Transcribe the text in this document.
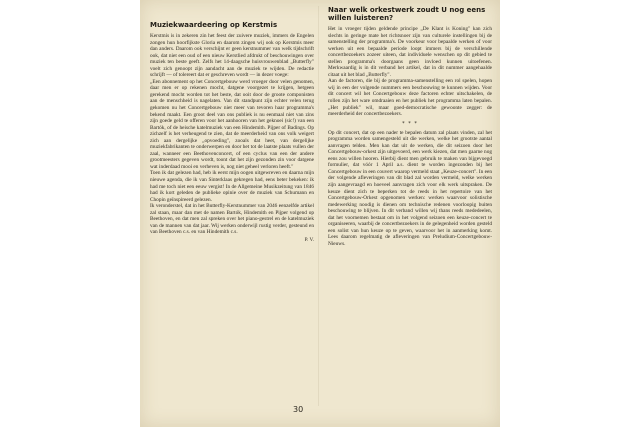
Muziekwaardeering op Kerstmis

Kerstmis is in zekeren zin het feest der zuivere muziek, immers de Engelen zongen hun hoorfijkste Gloria en daarom zingen wij ook op Kerstmis meer dan anders. Daarom ook verschijnt er geen kerstnummer van welk tijdschrift ook, dat niet een oud of een nieuw Kerstlied afdrukt of beschouwingen over muziek ten beste geeft. Zelfs het 14-daagsche huisvrouwenblad „Butterfly" voelt zich genoopt zijn aandacht aan de muziek te wijden. De redactie schrijft — of tolereert dat er geschreven wordt — in dezer voege:

„Een abonnement op het Concertgebouw werd vroeger door velen genomen, daar men er op rekenen mocht, datgene voorgezet te krijgen, hetgeen gerekend mocht worden tot het beste, dat ooit door de groote componisten aan de menschheid is nagelaten. Van dit standpunt zijn echter velen terug gekomen nu het Concertgebouw niet meer van tevoren haar programma's bekend maakt. Een groot deel van ons publiek is nu eenmaal niet van zins zijn goede geld te offeren voor het aanhooren van het geknoei (sic!) van een Bartók, of de heische katelmuziek van een Hindemith. Pijper of Badings. Op zichzelf is het verheugend te zien, dat de meerderheid van ons volk weigert zich aan dergelijke „opvoeding", zooals dat heet, van dergelijke muziekfabrikanten te onderwerpen en door het tot de laatste plaats vullen der zaal, wanneer een Beethovenconcert, of een cyclus van een der andere grootmeesters gegeven wordt, toont dat het zijn gezonden zin voor datgene wat inderdaad mooi en verheven is, nog niet geheel verloren heeft."

Toen ik dat gelezen had, heb ik eerst mijn oogen uitgewreven en daarna mijn nieuwe agenda, die ik van Sinterklaas gekregen had, eens beter bekeken: ik had me toch niet een eeuw vergist! In de Allgemeine Musikzeitung van 1846 had ik kort geleden de publieke opinie over de muziek van Schumann en Chopin geïnspireerd gelezen.

Ik veronderstel, dat in het Butterfly-Kerstnummer van 2046 eenzelfde artikel zal staan, maar dan met de namen Bartók, Hindemith en Pijper volgend op Beethoven, en dat men zal spreken over het piano-gestrel en de katelmuziek van de mannen van dat jaar. Wij werken onderwijl rustig verder, gesteund en van Beethoven c.s. en van Hindemith c.s.

P. V.
Naar welk orkestwerk zoudt U nog eens willen luisteren?

Het in vroeger tijden geldende principe „De Klant is Koning" kan zich slechts in geringe mate het richtsnoer zijn van culturele instellingen bij de samenstelling der programma's. De voorkeur voor bepaalde werken of voor werken uit een bepaalde periode loopt immers bij de verschillende concertbezoekers zozeer uiteen, dat individuele wenschen op dit gebied te stellen programma's doorgaans geen invloed kunnen uitoefenen. Merkwaardig is in dit verband het artikel, dat in dit nummer aangehaalde citaat uit het blad „Butterfly".

Aan de factoren, die bij de programma-samenstelling een rol spelen, hopen wij in een der volgende nummers een beschouwing te kunnen wijden. Voor dit concert wil het Concertgebouw deze factoren echter uitschakelen, de rollen zijn het ware omdraaien en het publiek het programma laten bepalen. „Het publiek" wil, maar goed-democratische gewoonte zegger: de meerderheid der concertbezoekers.

* * *

Op dit concert, dat op een nader te bepalen datum zal plaats vinden, zal het programma worden samengesteld uit die werken, welke het grootste aantal aanvragen telden. Men kan dat uit de werken, die dit seizoen door het Concertgebouw-orkest zijn uitgevoerd, een werk kiezen, dat men gaarne nog eens zou willen hooren. Hierbij dient men gebruik te maken van bijgevoegd formulier, dat vóór 1 April a.s. dient te worden ingezonden bij het Concertgebouw in een couvert waarop vermeld staat „Keuze-concert". In een der volgende afleveringen van dit blad zal worden vermeld, welke werken zijn aangevraagd en hoeveel aanvragen zich voor elk werk uitspraken. De keuze dient zich te beperken tot de reeds in het repertoire van het Concertgebouw-Orkest opgenomen werken: werken waarvoor solistische medewerking noodig is dienen om technische redenen voorloopig buiten beschouwing te blijven. In dit verband willen wij thans reeds mededeelen, dat het voornemen bestaat om in het volgend seizoen een keuze-concert te organiseeren, waarbij de concertbezoekers in de gelegenheid worden gesteld een solist van hun keuze op te geven, waarvoor het in aanmerking komt. Lees daarom regelmatig de afleveringen van Preludium-Concertgebouw-Nieuws.

30
